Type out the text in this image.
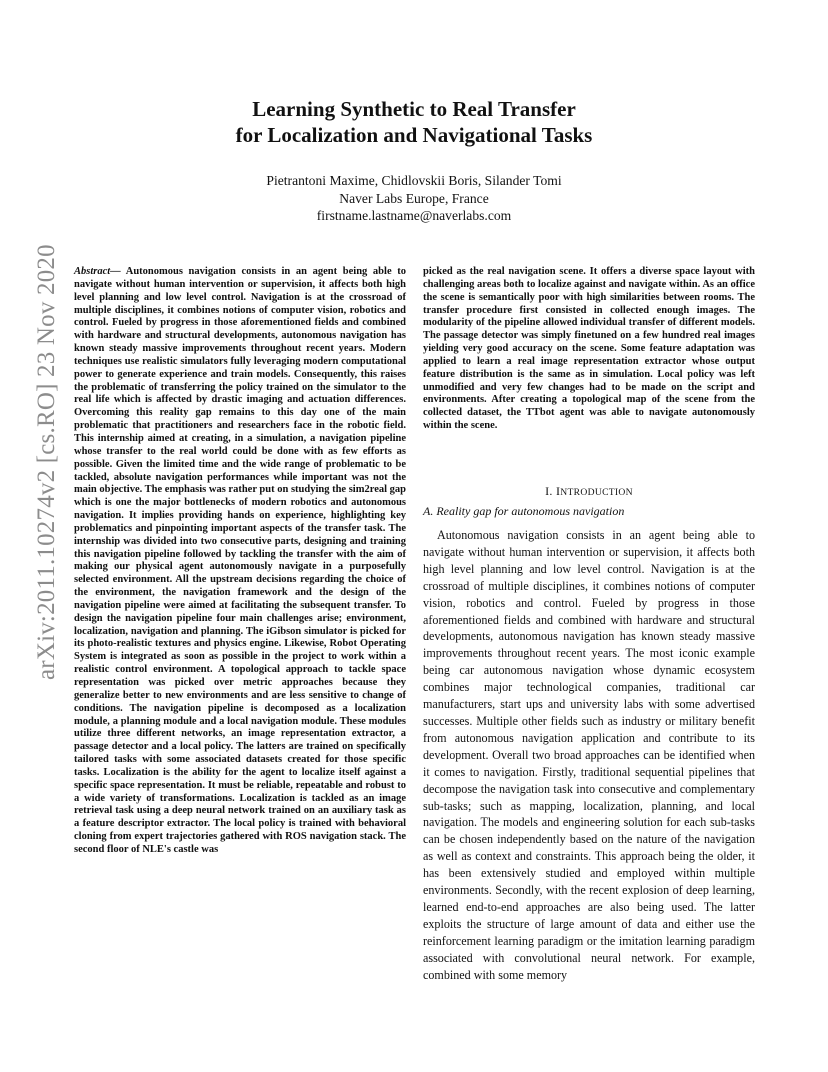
arXiv:2011.10274v2 [cs.RO] 23 Nov 2020
Learning Synthetic to Real Transfer
for Localization and Navigational Tasks
Pietrantoni Maxime, Chidlovskii Boris, Silander Tomi
Naver Labs Europe, France
firstname.lastname@naverlabs.com

Abstract— Autonomous navigation consists in an agent being able to navigate without human intervention or supervision, it affects both high level planning and low level control. Navigation is at the crossroad of multiple disciplines, it combines notions of computer vision, robotics and control. Fueled by progress in those aforementioned fields and combined with hardware and structural developments, autonomous navigation has known steady massive improvements throughout recent years. Modern techniques use realistic simulators fully leveraging modern computational power to generate experience and train models. Consequently, this raises the problematic of transferring the policy trained on the simulator to the real life which is affected by drastic imaging and actuation differences. Overcoming this reality gap remains to this day one of the main problematic that practitioners and researchers face in the robotic field. This internship aimed at creating, in a simulation, a navigation pipeline whose transfer to the real world could be done with as few efforts as possible. Given the limited time and the wide range of problematic to be tackled, absolute navigation performances while important was not the main objective. The emphasis was rather put on studying the sim2real gap which is one the major bottlenecks of modern robotics and autonomous navigation. It implies providing hands on experience, highlighting key problematics and pinpointing important aspects of the transfer task. The internship was divided into two consecutive parts, designing and training this navigation pipeline followed by tackling the transfer with the aim of making our physical agent autonomously navigate in a purposefully selected environment. All the upstream decisions regarding the choice of the environment, the navigation framework and the design of the navigation pipeline were aimed at facilitating the subsequent transfer. To design the navigation pipeline four main challenges arise; environment, localization, navigation and planning. The iGibson simulator is picked for its photo-realistic textures and physics engine. Likewise, Robot Operating System is integrated as soon as possible in the project to work within a realistic control environment. A topological approach to tackle space representation was picked over metric approaches because they generalize better to new environments and are less sensitive to change of conditions. The navigation pipeline is decomposed as a localization module, a planning module and a local navigation module. These modules utilize three different networks, an image representation extractor, a passage detector and a local policy. The latters are trained on specifically tailored tasks with some associated datasets created for those specific tasks. Localization is the ability for the agent to localize itself against a specific space representation. It must be reliable, repeatable and robust to a wide variety of transformations. Localization is tackled as an image retrieval task using a deep neural network trained on an auxiliary task as a feature descriptor extractor. The local policy is trained with behavioral cloning from expert trajectories gathered with ROS navigation stack. The second floor of NLE's castle was

picked as the real navigation scene. It offers a diverse space layout with challenging areas both to localize against and navigate within. As an office the scene is semantically poor with high similarities between rooms. The transfer procedure first consisted in collected enough images. The modularity of the pipeline allowed individual transfer of different models. The passage detector was simply finetuned on a few hundred real images yielding very good accuracy on the scene. Some feature adaptation was applied to learn a real image representation extractor whose output feature distribution is the same as in simulation. Local policy was left unmodified and very few changes had to be made on the script and environments. After creating a topological map of the scene from the collected dataset, the TTbot agent was able to navigate autonomously within the scene.

I. INTRODUCTION
A. Reality gap for autonomous navigation

Autonomous navigation consists in an agent being able to navigate without human intervention or supervision, it affects both high level planning and low level control. Navigation is at the crossroad of multiple disciplines, it combines notions of computer vision, robotics and control. Fueled by progress in those aforementioned fields and combined with hardware and structural developments, autonomous navigation has known steady massive improvements throughout recent years. The most iconic example being car autonomous navigation whose dynamic ecosystem combines major technological companies, traditional car manufacturers, start ups and university labs with some advertised successes. Multiple other fields such as industry or military benefit from autonomous navigation application and contribute to its development. Overall two broad approaches can be identified when it comes to navigation. Firstly, traditional sequential pipelines that decompose the navigation task into consecutive and complementary sub-tasks; such as mapping, localization, planning, and local navigation. The models and engineering solution for each sub-tasks can be chosen independently based on the nature of the navigation as well as context and constraints. This approach being the older, it has been extensively studied and employed within multiple environments. Secondly, with the recent explosion of deep learning, learned end-to-end approaches are also being used. The latter exploits the structure of large amount of data and either use the reinforcement learning paradigm or the imitation learning paradigm associated with convolutional neural network. For example, combined with some memory
